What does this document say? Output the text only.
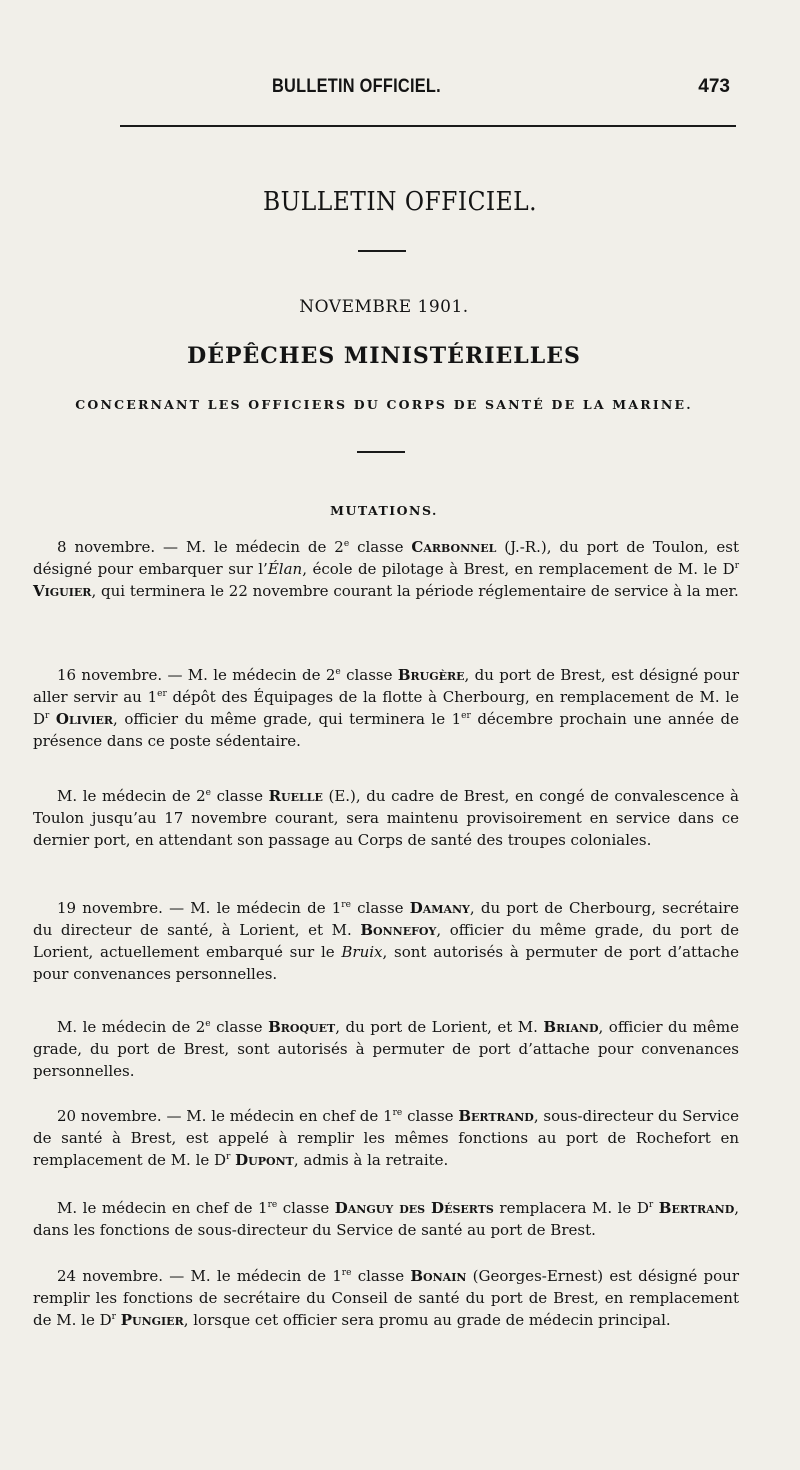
BULLETIN OFFICIEL.	473
BULLETIN OFFICIEL.
NOVEMBRE 1901.
DÉPÊCHES MINISTÉRIELLES
CONCERNANT LES OFFICIERS DU CORPS DE SANTÉ DE LA MARINE.
MUTATIONS.

8 novembre. — M. le médecin de 2e classe Carbonnel (J.-R.), du port de Toulon, est désigné pour embarquer sur l’Élan, école de pilotage à Brest, en remplacement de M. le $D^r$ Viguier, qui terminera le 22 novembre courant la période réglementaire de service à la mer.

16 novembre. — M. le médecin de 2e classe Brugère, du port de Brest, est désigné pour aller servir au 1er dépôt des Équipages de la flotte à Cherbourg, en remplacement de M. le $D^r$ Olivier, officier du même grade, qui terminera le 1er décembre prochain une année de présence dans ce poste sédentaire.

M. le médecin de 2e classe Ruelle (E.), du cadre de Brest, en congé de convalescence à Toulon jusqu’au 17 novembre courant, sera maintenu provisoirement en service dans ce dernier port, en attendant son passage au Corps de santé des troupes coloniales.

19 novembre. — M. le médecin de 1re classe Damany, du port de Cherbourg, secrétaire du directeur de santé, à Lorient, et M. Bonnefoy, officier du même grade, du port de Lorient, actuellement embarqué sur le Bruix, sont autorisés à permuter de port d’attache pour convenances personnelles.

M. le médecin de 2e classe Broquet, du port de Lorient, et M. Briand, officier du même grade, du port de Brest, sont autorisés à permuter de port d’attache pour convenances personnelles.

20 novembre. — M. le médecin en chef de 1re classe Bertrand, sous-directeur du Service de santé à Brest, est appelé à remplir les mêmes fonctions au port de Rochefort en remplacement de M. le $D^r$ Dupont, admis à la retraite.

M. le médecin en chef de 1re classe Danguy des Déserts remplacera M. le $D^r$ Bertrand, dans les fonctions de sous-directeur du Service de santé au port de Brest.

24 novembre. — M. le médecin de 1re classe Bonain (Georges-Ernest) est désigné pour remplir les fonctions de secrétaire du Conseil de santé du port de Brest, en remplacement de M. le $D^r$ Pungier, lorsque cet officier sera promu au grade de médecin principal.
